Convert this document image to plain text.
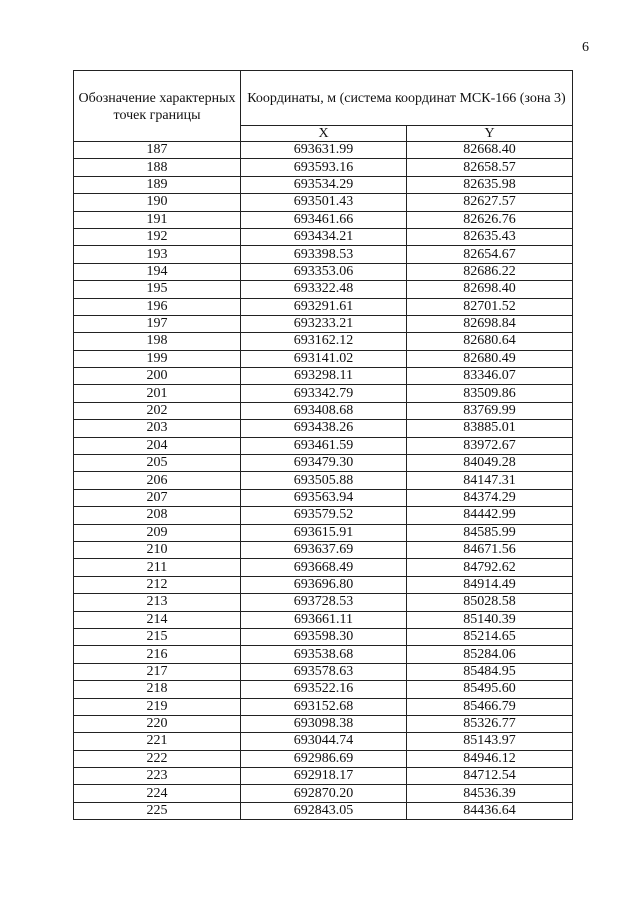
6
Обозначение характерных точек границы	Координаты, м (система координат МСК-166 (зона 3)	
	X	Y
187	693631.99	82668.40
188	693593.16	82658.57
189	693534.29	82635.98
190	693501.43	82627.57
191	693461.66	82626.76
192	693434.21	82635.43
193	693398.53	82654.67
194	693353.06	82686.22
195	693322.48	82698.40
196	693291.61	82701.52
197	693233.21	82698.84
198	693162.12	82680.64
199	693141.02	82680.49
200	693298.11	83346.07
201	693342.79	83509.86
202	693408.68	83769.99
203	693438.26	83885.01
204	693461.59	83972.67
205	693479.30	84049.28
206	693505.88	84147.31
207	693563.94	84374.29
208	693579.52	84442.99
209	693615.91	84585.99
210	693637.69	84671.56
211	693668.49	84792.62
212	693696.80	84914.49
213	693728.53	85028.58
214	693661.11	85140.39
215	693598.30	85214.65
216	693538.68	85284.06
217	693578.63	85484.95
218	693522.16	85495.60
219	693152.68	85466.79
220	693098.38	85326.77
221	693044.74	85143.97
222	692986.69	84946.12
223	692918.17	84712.54
224	692870.20	84536.39
225	692843.05	84436.64
